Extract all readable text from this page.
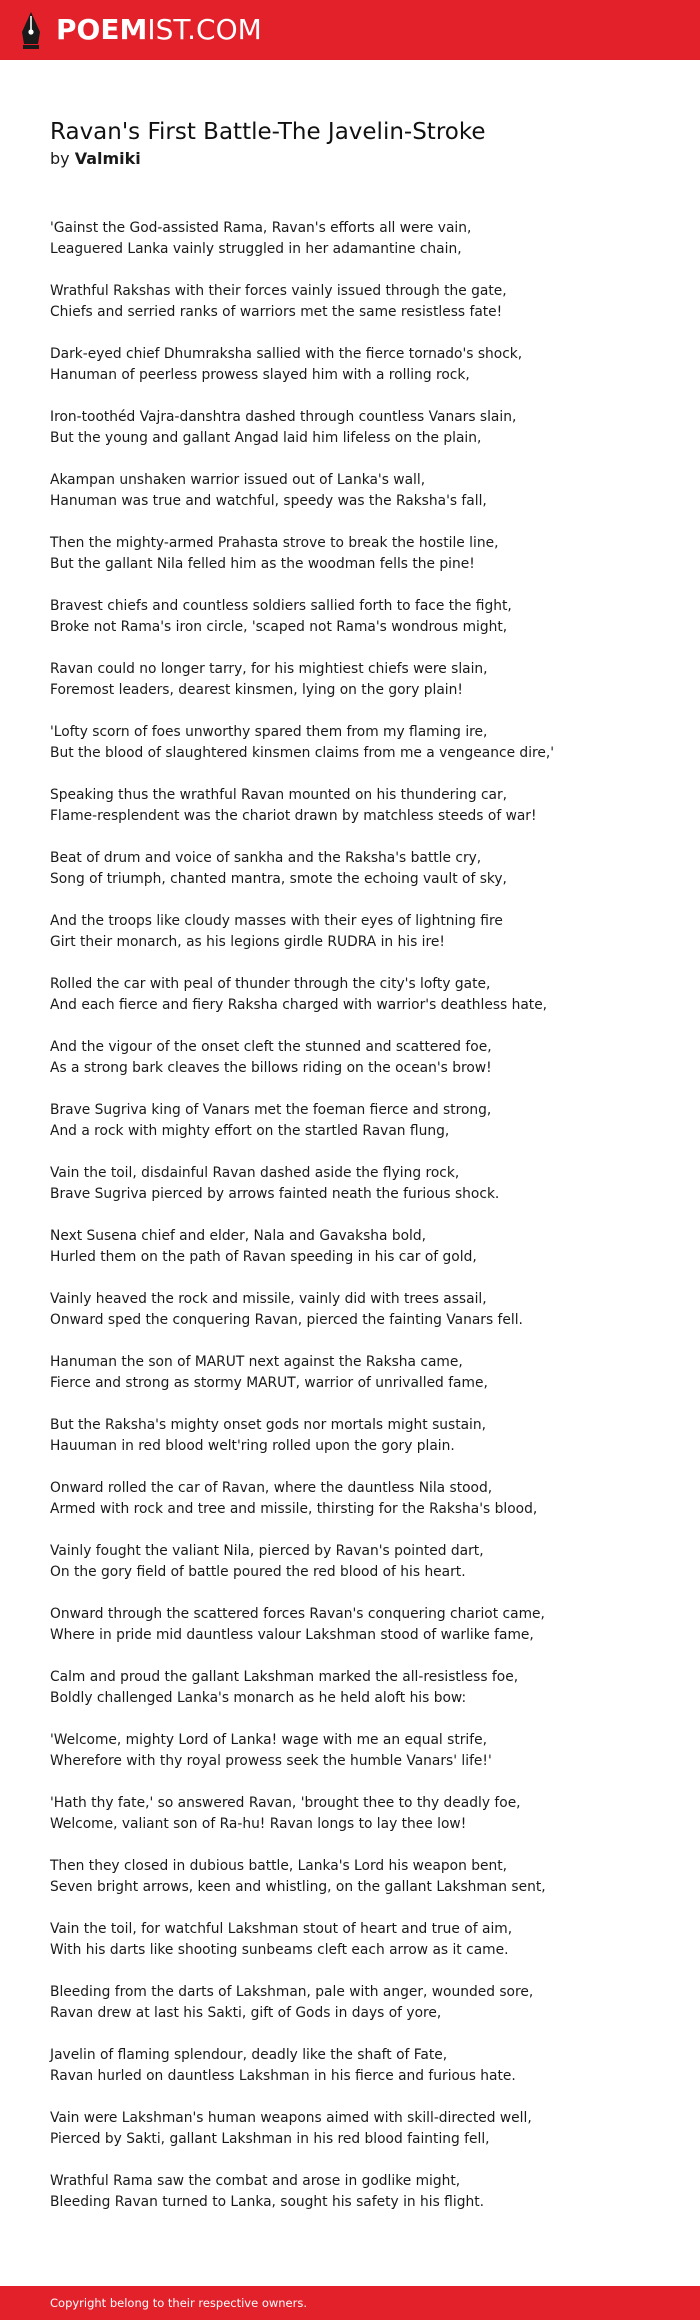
POEMIST.COM
Ravan's First Battle-The Javelin-Stroke
by Valmiki
'Gainst the God-assisted Rama, Ravan's efforts all were vain,
Leaguered Lanka vainly struggled in her adamantine chain,
Wrathful Rakshas with their forces vainly issued through the gate,
Chiefs and serried ranks of warriors met the same resistless fate!
Dark-eyed chief Dhumraksha sallied with the fierce tornado's shock,
Hanuman of peerless prowess slayed him with a rolling rock,
Iron-toothéd Vajra-danshtra dashed through countless Vanars slain,
But the young and gallant Angad laid him lifeless on the plain,
Akampan unshaken warrior issued out of Lanka's wall,
Hanuman was true and watchful, speedy was the Raksha's fall,
Then the mighty-armed Prahasta strove to break the hostile line,
But the gallant Nila felled him as the woodman fells the pine!
Bravest chiefs and countless soldiers sallied forth to face the fight,
Broke not Rama's iron circle, 'scaped not Rama's wondrous might,
Ravan could no longer tarry, for his mightiest chiefs were slain,
Foremost leaders, dearest kinsmen, lying on the gory plain!
'Lofty scorn of foes unworthy spared them from my flaming ire,
But the blood of slaughtered kinsmen claims from me a vengeance dire,'
Speaking thus the wrathful Ravan mounted on his thundering car,
Flame-resplendent was the chariot drawn by matchless steeds of war!
Beat of drum and voice of sankha and the Raksha's battle cry,
Song of triumph, chanted mantra, smote the echoing vault of sky,
And the troops like cloudy masses with their eyes of lightning fire
Girt their monarch, as his legions girdle RUDRA in his ire!
Rolled the car with peal of thunder through the city's lofty gate,
And each fierce and fiery Raksha charged with warrior's deathless hate,
And the vigour of the onset cleft the stunned and scattered foe,
As a strong bark cleaves the billows riding on the ocean's brow!
Brave Sugriva king of Vanars met the foeman fierce and strong,
And a rock with mighty effort on the startled Ravan flung,
Vain the toil, disdainful Ravan dashed aside the flying rock,
Brave Sugriva pierced by arrows fainted neath the furious shock.
Next Susena chief and elder, Nala and Gavaksha bold,
Hurled them on the path of Ravan speeding in his car of gold,
Vainly heaved the rock and missile, vainly did with trees assail,
Onward sped the conquering Ravan, pierced the fainting Vanars fell.
Hanuman the son of MARUT next against the Raksha came,
Fierce and strong as stormy MARUT, warrior of unrivalled fame,
But the Raksha's mighty onset gods nor mortals might sustain,
Hauuman in red blood welt'ring rolled upon the gory plain.
Onward rolled the car of Ravan, where the dauntless Nila stood,
Armed with rock and tree and missile, thirsting for the Raksha's blood,
Vainly fought the valiant Nila, pierced by Ravan's pointed dart,
On the gory field of battle poured the red blood of his heart.
Onward through the scattered forces Ravan's conquering chariot came,
Where in pride mid dauntless valour Lakshman stood of warlike fame,
Calm and proud the gallant Lakshman marked the all-resistless foe,
Boldly challenged Lanka's monarch as he held aloft his bow:
'Welcome, mighty Lord of Lanka! wage with me an equal strife,
Wherefore with thy royal prowess seek the humble Vanars' life!'
'Hath thy fate,' so answered Ravan, 'brought thee to thy deadly foe,
Welcome, valiant son of Ra-hu! Ravan longs to lay thee low!
Then they closed in dubious battle, Lanka's Lord his weapon bent,
Seven bright arrows, keen and whistling, on the gallant Lakshman sent,
Vain the toil, for watchful Lakshman stout of heart and true of aim,
With his darts like shooting sunbeams cleft each arrow as it came.
Bleeding from the darts of Lakshman, pale with anger, wounded sore,
Ravan drew at last his Sakti, gift of Gods in days of yore,
Javelin of flaming splendour, deadly like the shaft of Fate,
Ravan hurled on dauntless Lakshman in his fierce and furious hate.
Vain were Lakshman's human weapons aimed with skill-directed well,
Pierced by Sakti, gallant Lakshman in his red blood fainting fell,
Wrathful Rama saw the combat and arose in godlike might,
Bleeding Ravan turned to Lanka, sought his safety in his flight.
Copyright belong to their respective owners.
